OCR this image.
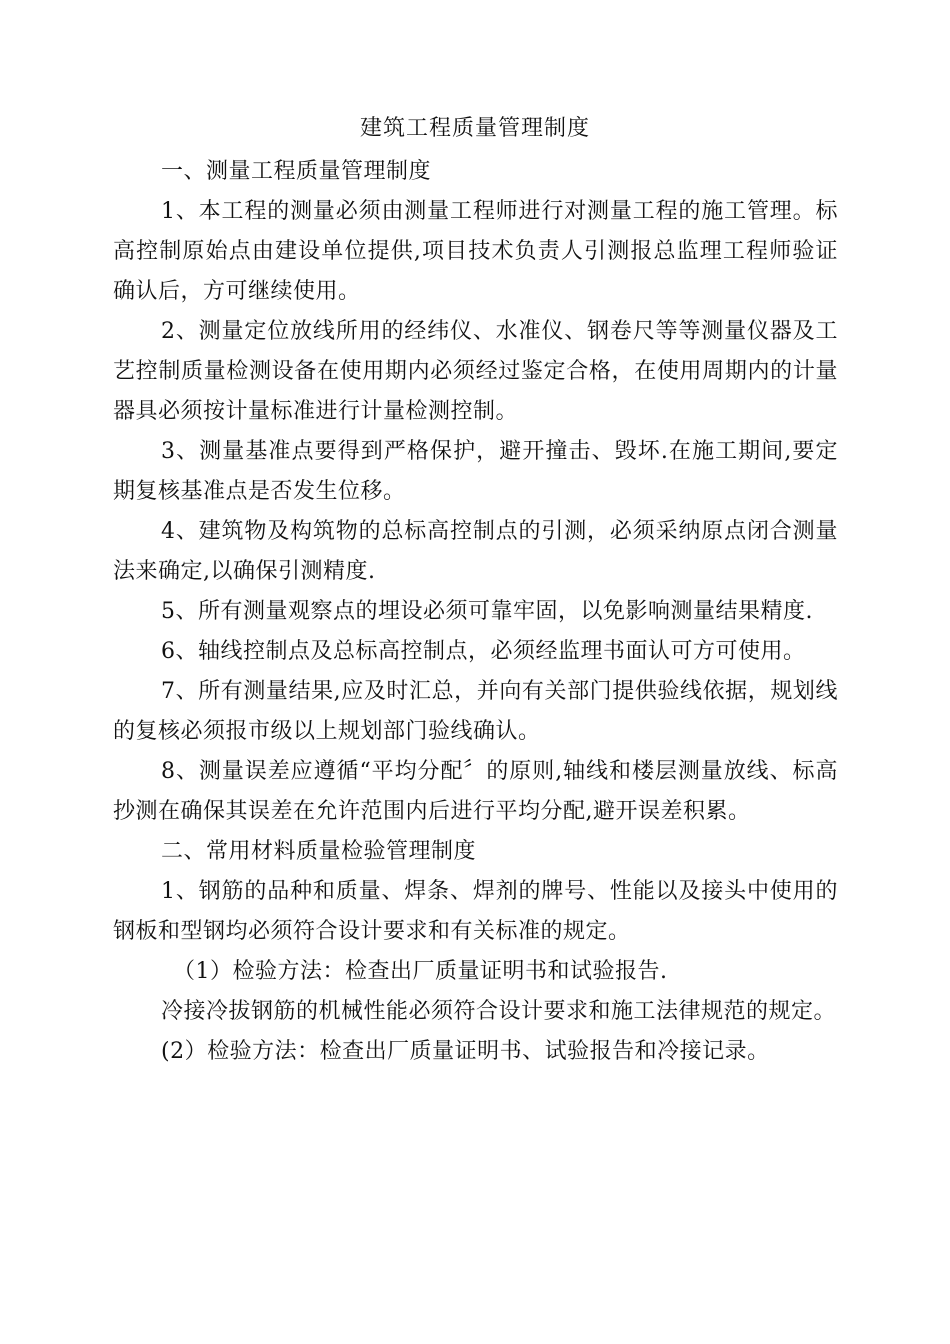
建筑工程质量管理制度

一、测量工程质量管理制度

1、本工程的测量必须由测量工程师进行对测量工程的施工管理。标高控制原始点由建设单位提供,项目技术负责人引测报总监理工程师验证确认后，方可继续使用。

2、测量定位放线所用的经纬仪、水准仪、钢卷尺等等测量仪器及工艺控制质量检测设备在使用期内必须经过鉴定合格，在使用周期内的计量器具必须按计量标准进行计量检测控制。

3、测量基准点要得到严格保护，避开撞击、毁坏.在施工期间,要定期复核基准点是否发生位移。

4、建筑物及构筑物的总标高控制点的引测，必须采纳原点闭合测量法来确定,以确保引测精度.

5、所有测量观察点的埋设必须可靠牢固，以免影响测量结果精度.

6、轴线控制点及总标高控制点，必须经监理书面认可方可使用。

7、所有测量结果,应及时汇总，并向有关部门提供验线依据，规划线的复核必须报市级以上规划部门验线确认。

8、测量误差应遵循“平均分配〞的原则,轴线和楼层测量放线、标高抄测在确保其误差在允许范围内后进行平均分配,避开误差积累。

二、常用材料质量检验管理制度

1、钢筋的品种和质量、焊条、焊剂的牌号、性能以及接头中使用的钢板和型钢均必须符合设计要求和有关标准的规定。

（1）检验方法：检查出厂质量证明书和试验报告.

冷接冷拔钢筋的机械性能必须符合设计要求和施工法律规范的规定。

(2）检验方法：检查出厂质量证明书、试验报告和冷接记录。
